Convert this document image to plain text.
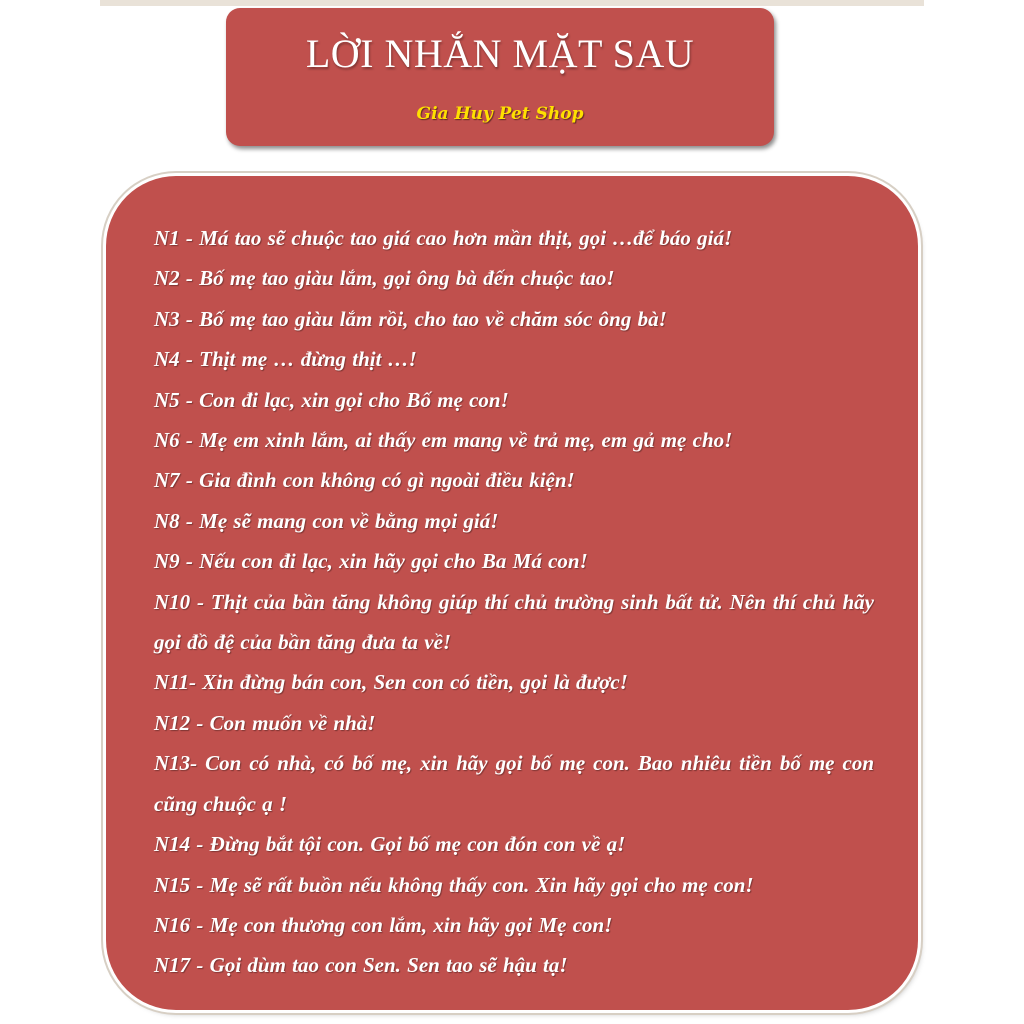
LỜI NHẮN MẶT SAU
Gia Huy Pet Shop
N1 - Má tao sẽ chuộc tao giá cao hơn mần thịt, gọi …để báo giá!
N2 - Bố mẹ tao giàu lắm, gọi ông bà đến chuộc tao!
N3 - Bố mẹ tao giàu lắm rồi, cho tao về chăm sóc ông bà!
N4 - Thịt mẹ … đừng thịt …!
N5 - Con đi lạc, xin gọi cho Bố mẹ con!
N6 - Mẹ em xinh lắm, ai thấy em mang về trả mẹ, em gả mẹ cho!
N7 - Gia đình con không có gì ngoài điều kiện!
N8 - Mẹ sẽ mang con về bằng mọi giá!
N9 - Nếu con đi lạc, xin hãy gọi cho Ba Má con!
N10 - Thịt của bần tăng không giúp thí chủ trường sinh bất tử. Nên thí chủ hãy gọi đồ đệ của bần tăng đưa ta về!
N11- Xin đừng bán con, Sen con có tiền, gọi là được!
N12 - Con muốn về nhà!
N13- Con có nhà, có bố mẹ, xin hãy gọi bố mẹ con. Bao nhiêu tiền bố mẹ con cũng chuộc ạ !
N14 - Đừng bắt tội con. Gọi bố mẹ con đón con về ạ!
N15 - Mẹ sẽ rất buồn nếu không thấy con. Xin hãy gọi cho mẹ con!
N16 - Mẹ con thương con lắm, xin hãy gọi Mẹ con!
N17 - Gọi dùm tao con Sen. Sen tao sẽ hậu tạ!
